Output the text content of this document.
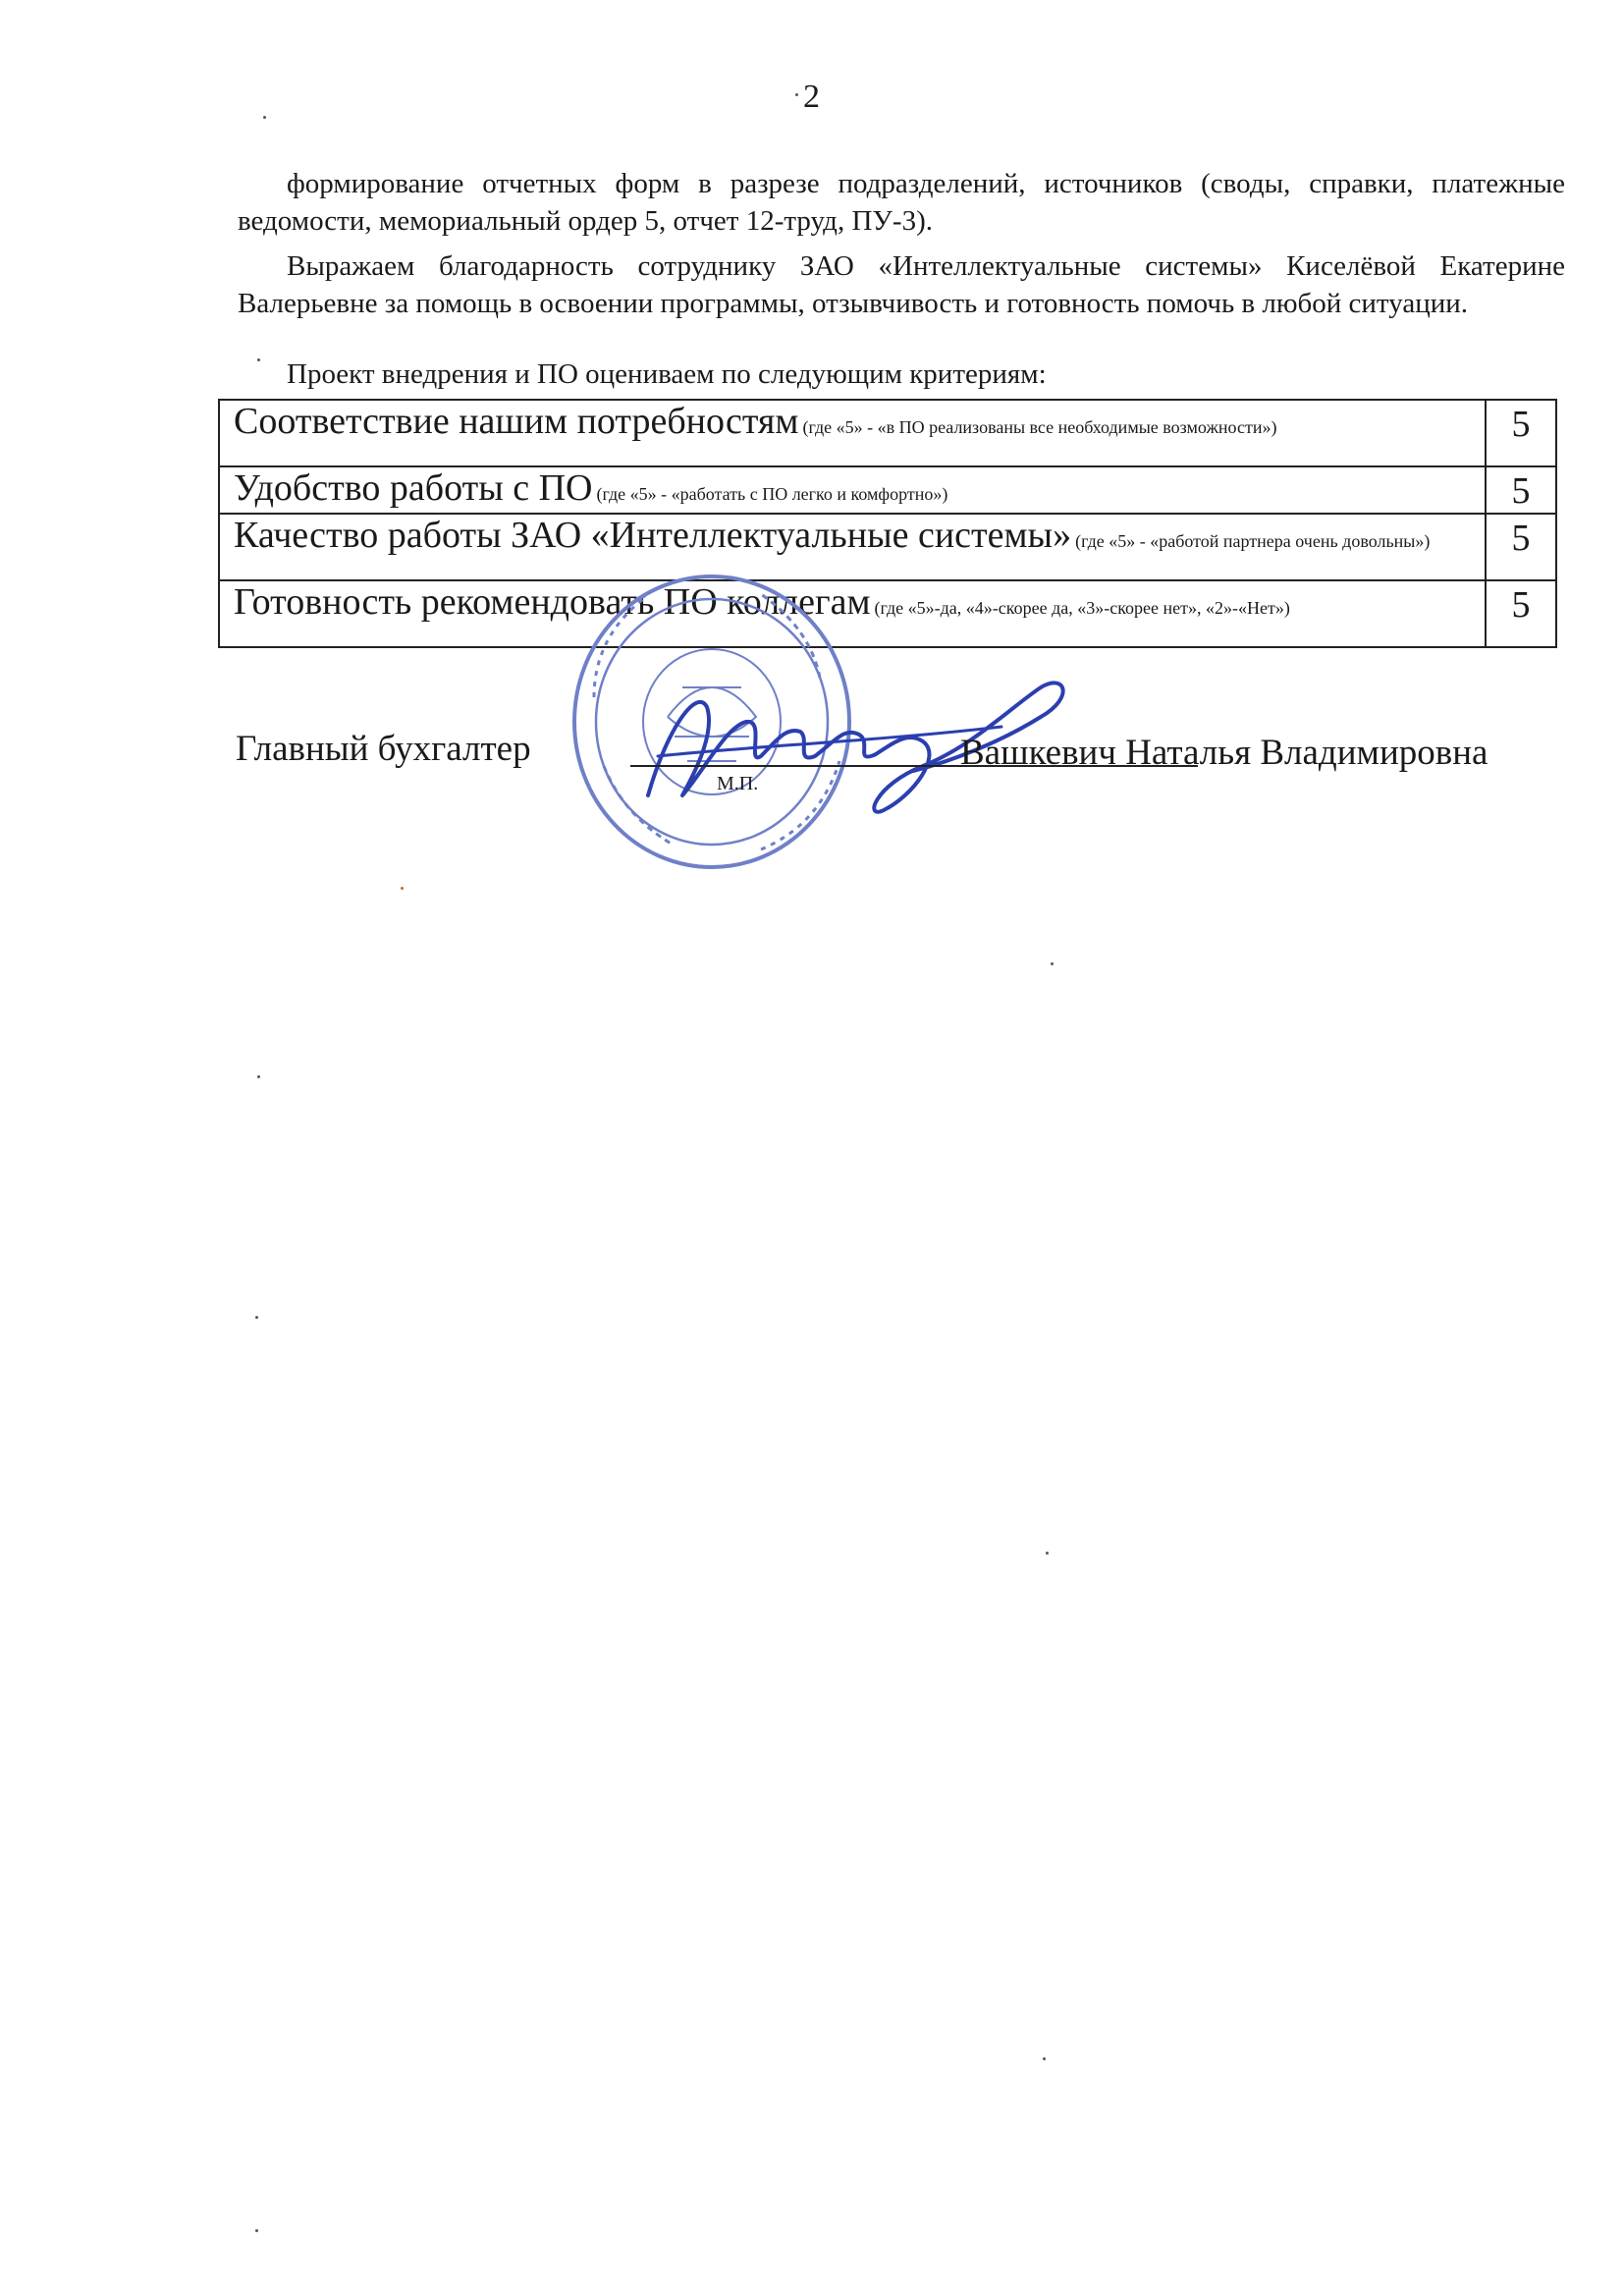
2

формирование отчетных форм в разрезе подразделений, источников (своды, справки, платежные ведомости, мемориальный ордер 5, отчет 12-труд, ПУ-3).

Выражаем благодарность сотруднику ЗАО «Интеллектуальные системы» Киселёвой Екатерине Валерьевне за помощь в освоении программы, отзывчивость и готовность помочь в любой ситуации.

Проект внедрения и ПО оцениваем по следующим критериям:

Соответствие нашим потребностям (где «5» - «в ПО реализованы все необходимые возможности»)	5
Удобство работы с ПО (где «5» - «работать с ПО легко и комфортно»)	5
Качество работы ЗАО «Интеллектуальные системы» (где «5» - «работой партнера очень довольны»)	5
Готовность рекомендовать ПО коллегам (где «5»-да, «4»-скорее да, «3»-скорее нет», «2»-«Нет»)	5
Главный бухгалтер
М.П.
Вашкевич Наталья Владимировна
